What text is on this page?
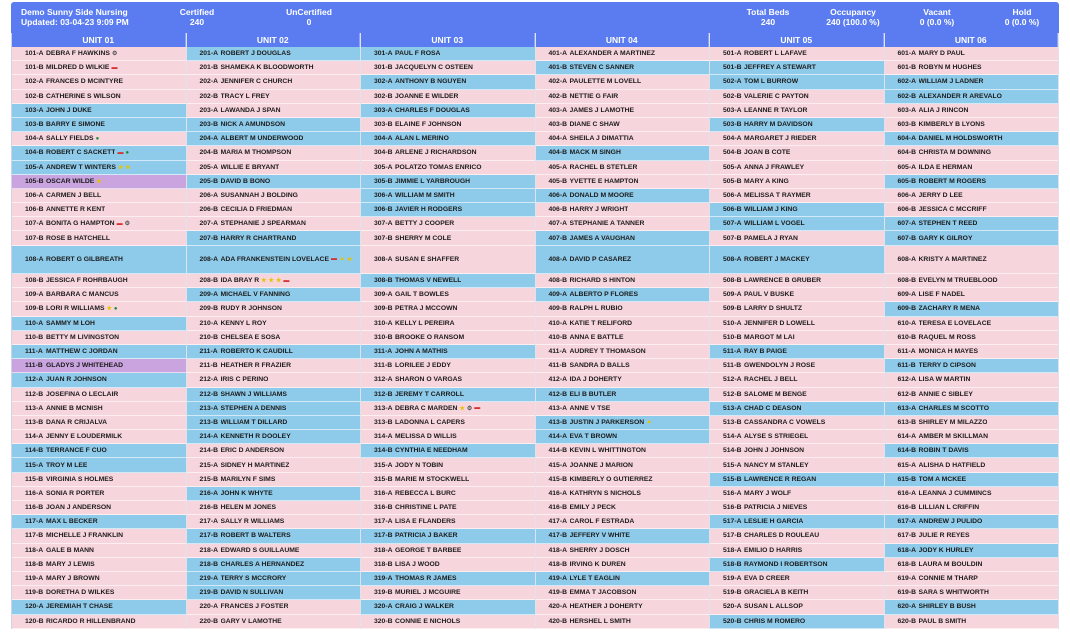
Demo Sunny Side Nursing
Updated: 03-04-23 9:09 PM
Certified
240
UnCertified
0
Total Beds
240
Occupancy
240 (100.0 %)
Vacant
0 (0.0 %)
Hold
0 (0.0 %)
UNIT 01
101-A DEBRA F HAWKINS ⚙
101-B MILDRED D WILKIE ▬
102-A FRANCES D MCINTYRE
102-B CATHERINE S WILSON
103-A JOHN J DUKE
103-B BARRY E SIMONE
104-A SALLY FIELDS ●
104-B ROBERT C SACKETT ▬ ●
105-A ANDREW T WINTERS ★ ★
105-B OSCAR WILDE ★
106-A CARMEN J BELL
106-B ANNETTE R KENT
107-A BONITA G HAMPTON ▬ ⚙
107-B ROSE B HATCHELL
108-A ROBERT G GILBREATH
108-B JESSICA F ROHRBAUGH
109-A BARBARA C MANCUS
109-B LORI R WILLIAMS ★ ●
110-A SAMMY M LOH
110-B BETTY M LIVINGSTON
111-A MATTHEW C JORDAN
111-B GLADYS J WHITEHEAD
112-A JUAN R JOHNSON
112-B JOSEFINA O LECLAIR
113-A ANNIE B MCNISH
113-B DANA R CRIJALVA
114-A JENNY E LOUDERMILK
114-B TERRANCE F CUO
115-A TROY M LEE
115-B VIRGINIA S HOLMES
116-A SONIA R PORTER
116-B JOAN J ANDERSON
117-A MAX L BECKER
117-B MICHELLE J FRANKLIN
118-A GALE B MANN
118-B MARY J LEWIS
119-A MARY J BROWN
119-B DORETHA D WILKES
120-A JEREMIAH T CHASE
120-B RICARDO R HILLENBRAND
UNIT 02
201-A ROBERT J DOUGLAS
201-B SHAMEKA K BLOODWORTH
202-A JENNIFER C CHURCH
202-B TRACY L FREY
203-A LAWANDA J SPAN
203-B NICK A AMUNDSON
204-A ALBERT M UNDERWOOD
204-B MARIA M THOMPSON
205-A WILLIE E BRYANT
205-B DAVID B BONO
206-A SUSANNAH J BOLDING
206-B CECILIA D FRIEDMAN
207-A STEPHANIE J SPEARMAN
207-B HARRY R CHARTRAND
208-A ADA FRANKENSTEIN LOVELACE ▬ ▲ ★
208-B IDA BRAY R ★ ★ ★ ▬
209-A MICHAEL V FANNING
209-B RUDY R JOHNSON
210-A KENNY L ROY
210-B CHELSEA E SOSA
211-A ROBERTO K CAUDILL
211-B HEATHER R FRAZIER
212-A IRIS C PERINO
212-B SHAWN J WILLIAMS
213-A STEPHEN A DENNIS
213-B WILLIAM T DILLARD
214-A KENNETH R DOOLEY
214-B ERIC D ANDERSON
215-A SIDNEY H MARTINEZ
215-B MARILYN F SIMS
216-A JOHN K WHYTE
216-B HELEN M JONES
217-A SALLY R WILLIAMS
217-B ROBERT B WALTERS
218-A EDWARD S GUILLAUME
218-B CHARLES A HERNANDEZ
219-A TERRY S MCCRORY
219-B DAVID N SULLIVAN
220-A FRANCES J FOSTER
220-B GARY V LAMOTHE
UNIT 03
301-A PAUL F ROSA
301-B JACQUELYN C OSTEEN
302-A ANTHONY B NGUYEN
302-B JOANNE E WILDER
303-A CHARLES F DOUGLAS
303-B ELAINE F JOHNSON
304-A ALAN L MERINO
304-B ARLENE J RICHARDSON
305-A POLATZO TOMAS ENRICO
305-B JIMMIE L YARBROUGH
306-A WILLIAM M SMITH
306-B JAVIER H RODGERS
307-A BETTY J COOPER
307-B SHERRY M COLE
308-A SUSAN E SHAFFER
308-B THOMAS V NEWELL
309-A GAIL T BOWLES
309-B PETRA J MCCOWN
310-A KELLY L PEREIRA
310-B BROOKE O RANSOM
311-A JOHN A MATHIS
311-B LORILEE J EDDY
312-A SHARON O VARGAS
312-B JEREMY T CARROLL
313-A DEBRA C MARDEN ★ ⚙ ▬
313-B LADONNA L CAPERS
314-A MELISSA D WILLIS
314-B CYNTHIA E NEEDHAM
315-A JODY N TOBIN
315-B MARIE M STOCKWELL
316-A REBECCA L BURC
316-B CHRISTINE L PATE
317-A LISA E FLANDERS
317-B PATRICIA J BAKER
318-A GEORGE T BARBEE
318-B LISA J WOOD
319-A THOMAS R JAMES
319-B MURIEL J MCGUIRE
320-A CRAIG J WALKER
320-B CONNIE E NICHOLS
UNIT 04
401-A ALEXANDER A MARTINEZ
401-B STEVEN C SANNER
402-A PAULETTE M LOVELL
402-B NETTIE G FAIR
403-A JAMES J LAMOTHE
403-B DIANE C SHAW
404-A SHEILA J DIMATTIA
404-B MACK M SINGH
405-A RACHEL B STETLER
405-B YVETTE E HAMPTON
406-A DONALD M MOORE
406-B HARRY J WRIGHT
407-A STEPHANIE A TANNER
407-B JAMES A VAUGHAN
408-A DAVID P CASAREZ
408-B RICHARD S HINTON
409-A ALBERTO P FLORES
409-B RALPH L RUBIO
410-A KATIE T RELIFORD
410-B ANNA E BATTLE
411-A AUDREY T THOMASON
411-B SANDRA D BALLS
412-A IDA J DOHERTY
412-B ELI B BUTLER
413-A ANNE V TSE
413-B JUSTIN J PARKERSON ▲
414-A EVA T BROWN
414-B KEVIN L WHITTINGTON
415-A JOANNE J MARION
415-B KIMBERLY O GUTIERREZ
416-A KATHRYN S NICHOLS
416-B EMILY J PECK
417-A CAROL F ESTRADA
417-B JEFFERY V WHITE
418-A SHERRY J DOSCH
418-B IRVING K DUREN
419-A LYLE T EAGLIN
419-B EMMA T JACOBSON
420-A HEATHER J DOHERTY
420-B HERSHEL L SMITH
UNIT 05
501-A ROBERT L LAFAVE
501-B JEFFREY A STEWART
502-A TOM L BURROW
502-B VALERIE C PAYTON
503-A LEANNE R TAYLOR
503-B HARRY M DAVIDSON
504-A MARGARET J RIEDER
504-B JOAN B COTE
505-A ANNA J FRAWLEY
505-B MARY A KING
506-A MELISSA T RAYMER
506-B WILLIAM J KING
507-A WILLIAM L VOGEL
507-B PAMELA J RYAN
508-A ROBERT J MACKEY
508-B LAWRENCE B GRUBER
509-A PAUL V BUSKE
509-B LARRY D SHULTZ
510-A JENNIFER D LOWELL
510-B MARGOT M LAI
511-A RAY B PAIGE
511-B GWENDOLYN J ROSE
512-A RACHEL J BELL
512-B SALOME M BENGE
513-A CHAD C DEASON
513-B CASSANDRA C VOWELS
514-A ALYSE S STRIEGEL
514-B JOHN J JOHNSON
515-A NANCY M STANLEY
515-B LAWRENCE R REGAN
516-A MARY J WOLF
516-B PATRICIA J NIEVES
517-A LESLIE H GARCIA
517-B CHARLES D ROULEAU
518-A EMILIO D HARRIS
518-B RAYMOND I ROBERTSON
519-A EVA D CREER
519-B GRACIELA B KEITH
520-A SUSAN L ALLSOP
520-B CHRIS M ROMERO
UNIT 06
601-A MARY D PAUL
601-B ROBYN M HUGHES
602-A WILLIAM J LADNER
602-B ALEXANDER R AREVALO
603-A ALIA J RINCON
603-B KIMBERLY B LYONS
604-A DANIEL M HOLDSWORTH
604-B CHRISTA M DOWNING
605-A ILDA E HERMAN
605-B ROBERT M ROGERS
606-A JERRY D LEE
606-B JESSICA C MCCRIFF
607-A STEPHEN T REED
607-B GARY K GILROY
608-A KRISTY A MARTINEZ
608-B EVELYN M TRUEBLOOD
609-A LISE F NADEL
609-B ZACHARY R MENA
610-A TERESA E LOVELACE
610-B RAQUEL M ROSS
611-A MONICA H MAYES
611-B TERRY D CIPSON
612-A LISA W MARTIN
612-B ANNIE C SIBLEY
613-A CHARLES M SCOTTO
613-B SHIRLEY M MILAZZO
614-A AMBER M SKILLMAN
614-B ROBIN T DAVIS
615-A ALISHA D HATFIELD
615-B TOM A MCKEE
616-A LEANNA J CUMMINCS
616-B LILLIAN L CRIFFIN
617-A ANDREW J PULIDO
617-B JULIE R REYES
618-A JODY K HURLEY
618-B LAURA M BOULDIN
619-A CONNIE M THARP
619-B SARA S WHITWORTH
620-A SHIRLEY B BUSH
620-B PAUL B SMITH
